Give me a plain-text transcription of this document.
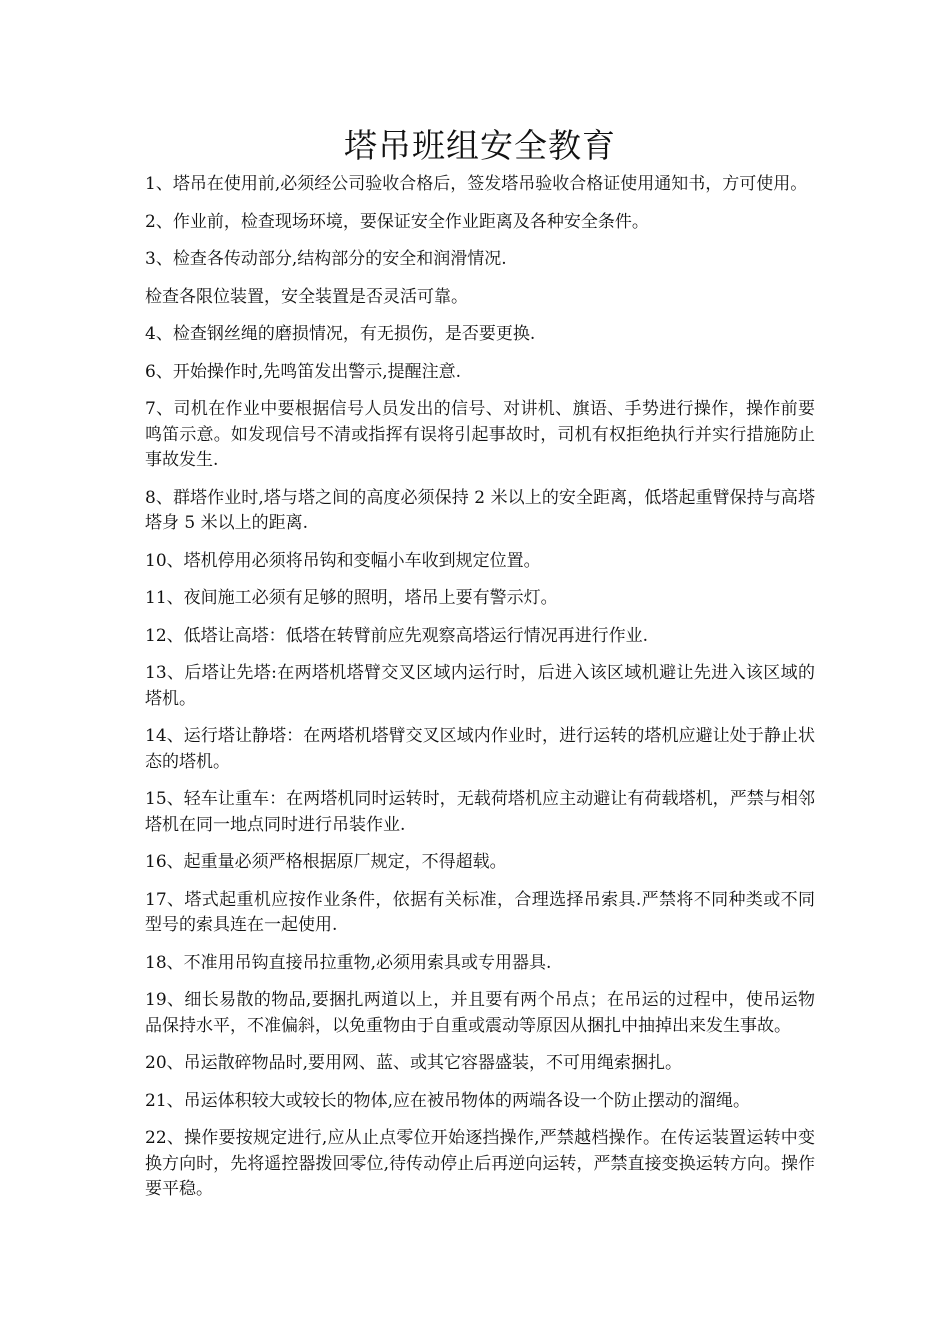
塔吊班组安全教育

1、塔吊在使用前,必须经公司验收合格后，签发塔吊验收合格证使用通知书，方可使用。

2、作业前，检查现场环境，要保证安全作业距离及各种安全条件。

3、检查各传动部分,结构部分的安全和润滑情况.

检查各限位装置，安全装置是否灵活可靠。

4、检查钢丝绳的磨损情况，有无损伤，是否要更换.

6、开始操作时,先鸣笛发出警示,提醒注意.

7、司机在作业中要根据信号人员发出的信号、对讲机、旗语、手势进行操作，操作前要鸣笛示意。如发现信号不清或指挥有误将引起事故时，司机有权拒绝执行并实行措施防止事故发生.

8、群塔作业时,塔与塔之间的高度必须保持 2 米以上的安全距离，低塔起重臂保持与高塔塔身 5 米以上的距离.

10、塔机停用必须将吊钩和变幅小车收到规定位置。

11、夜间施工必须有足够的照明，塔吊上要有警示灯。

12、低塔让高塔：低塔在转臂前应先观察高塔运行情况再进行作业.

13、后塔让先塔:在两塔机塔臂交叉区域内运行时，后进入该区域机避让先进入该区域的塔机。

14、运行塔让静塔：在两塔机塔臂交叉区域内作业时，进行运转的塔机应避让处于静止状态的塔机。

15、轻车让重车：在两塔机同时运转时，无载荷塔机应主动避让有荷载塔机，严禁与相邻塔机在同一地点同时进行吊装作业.

16、起重量必须严格根据原厂规定，不得超载。

17、塔式起重机应按作业条件，依据有关标准，合理选择吊索具.严禁将不同种类或不同型号的索具连在一起使用.

18、不准用吊钩直接吊拉重物,必须用索具或专用器具.

19、细长易散的物品,要捆扎两道以上，并且要有两个吊点；在吊运的过程中，使吊运物品保持水平，不准偏斜，以免重物由于自重或震动等原因从捆扎中抽掉出来发生事故。

20、吊运散碎物品时,要用网、蓝、或其它容器盛装，不可用绳索捆扎。

21、吊运体积较大或较长的物体,应在被吊物体的两端各设一个防止摆动的溜绳。

22、操作要按规定进行,应从止点零位开始逐挡操作,严禁越档操作。在传运装置运转中变换方向时，先将遥控器拨回零位,待传动停止后再逆向运转，严禁直接变换运转方向。操作要平稳。
